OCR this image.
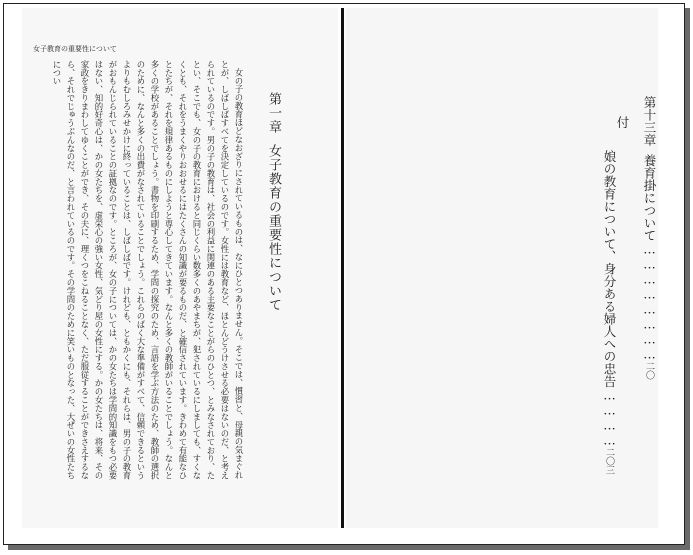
女子教育の重要性について

女の子の教育ほどなおざりにされているものは、なにひとつありません。そこでは、慣習と、母親の気まぐれとが、しばしばすべてを決定しているのです。女性には教育など、ほとんどうけさせる必要はないのだ、と考えられているのです。男の子の教育は、社会の利益に関連のある主要なことがらのひとつ、とみなされており、たとい、そこでも、女の子の教育におけると同じくらい数多くのあやまちが、犯されているにしましても、すくなくとも、それをうまくやりおおせるにはたくさんの知識が要るものだ、と確信されています。きわめて有能なひとたちが、それを規律あるものにしようと専心してきています。なんと多くの教師がいることでしょう。なんと多くの学校があることでしょう。書物を印刷するため、学問の探究のため、言語を学ぶ方法のため、教師の選択のために、なんと多くの出費がなされていることでしょう。これらのばく大な準備がすべて、信頼できるというよりもむしろみせかけに終っていることは、しばしばです。けれども、ともかくにも、それらは、男の子の教育がおもんじられていることの証拠なのです。ところが、女の子については、かの女たちは学問的知識をもつ必要はない、知的好奇心は、かの女たちを、虚栄心の強い女性、気どり屋の女性にする。かの女たちは、将来、その家政をきりまわしてゆくことができ、その夫に、理くつをこねることなく、ただ服従することができさえするなら、それでじゅうぶんなのだ、と言われているのです。その学問のために笑いものとなった、大ぜいの女性たちについ

第一章女子教育の重要性について
第十三章養育掛について……………………二〇
付
娘の教育について、身分ある婦人への忠告…………二〇三
